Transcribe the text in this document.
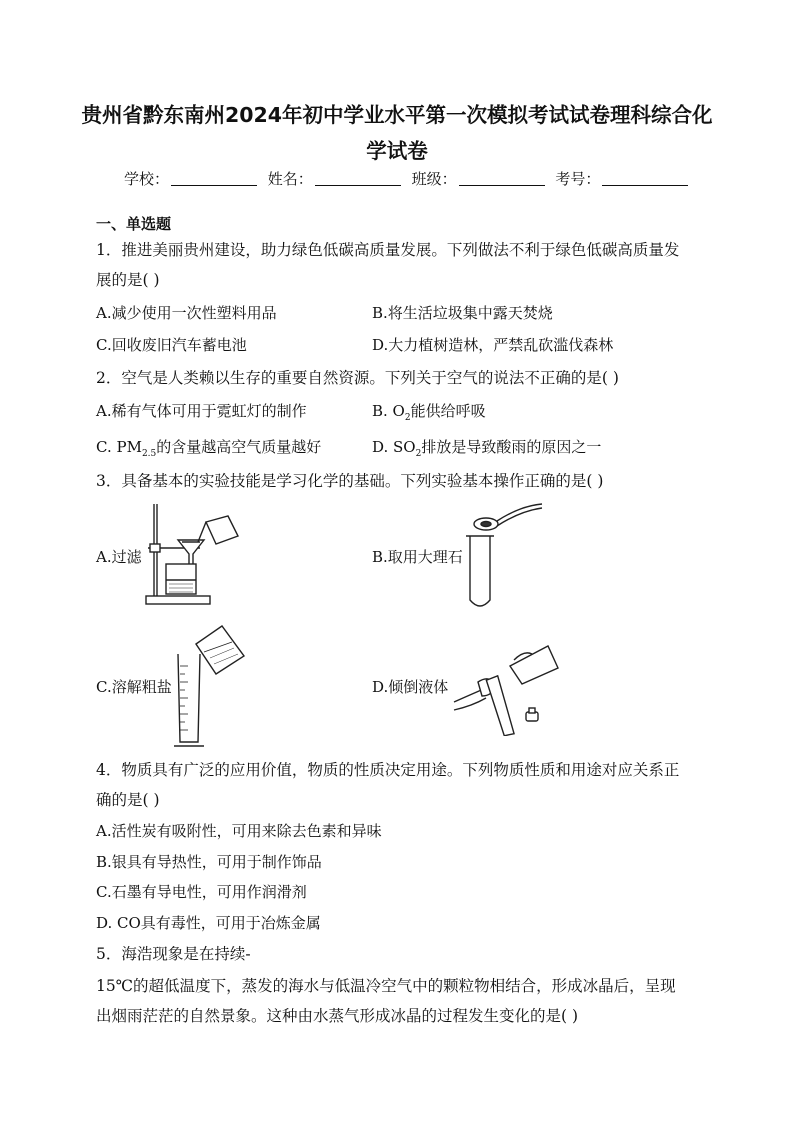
贵州省黔东南州2024年初中学业水平第一次模拟考试试卷理科综合化
学试卷
学校：	姓名：	班级：	考号：
一、单选题
1．推进美丽贵州建设，助力绿色低碳高质量发展。下列做法不利于绿色低碳高质量发
展的是( )
A.减少使用一次性塑料用品	B.将生活垃圾集中露天焚烧
C.回收废旧汽车蓄电池	D.大力植树造林，严禁乱砍滥伐森林
2．空气是人类赖以生存的重要自然资源。下列关于空气的说法不正确的是( )
A.稀有气体可用于霓虹灯的制作	B. $O_2$能供给呼吸
C. $PM_{2.5}$的含量越高空气质量越好	D. $SO_2$排放是导致酸雨的原因之一
3．具备基本的实验技能是学习化学的基础。下列实验基本操作正确的是( )
A.过滤	B.取用大理石
C.溶解粗盐	D.倾倒液体
4．物质具有广泛的应用价值，物质的性质决定用途。下列物质性质和用途对应关系正
确的是( )
A.活性炭有吸附性，可用来除去色素和异味
B.银具有导热性，可用于制作饰品
C.石墨有导电性，可用作润滑剂
D. CO具有毒性，可用于冶炼金属
5．海浩现象是在持续-
15℃的超低温度下，蒸发的海水与低温冷空气中的颗粒物相结合，形成冰晶后，呈现
出烟雨茫茫的自然景象。这种由水蒸气形成冰晶的过程发生变化的是( )
